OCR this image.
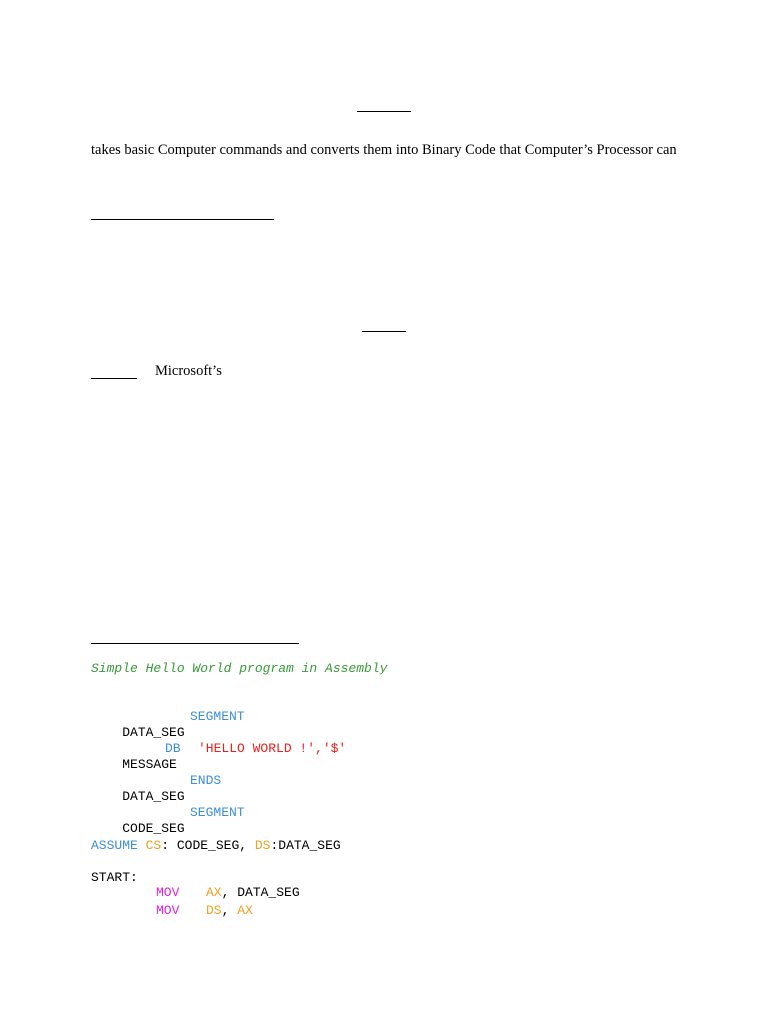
takes basic Computer commands and converts them into Binary Code that Computer’s Processor can
Microsoft’s
Simple Hello World program in Assembly

DATA_SEG

SEGMENT

MESSAGE

DB 'HELLO WORLD !','$'

DATA_SEG

ENDS

CODE_SEG

SEGMENT
ASSUME CS: CODE_SEG, DS:DATA_SEG
START:
MOV AX, DATA_SEG
MOV DS, AX
